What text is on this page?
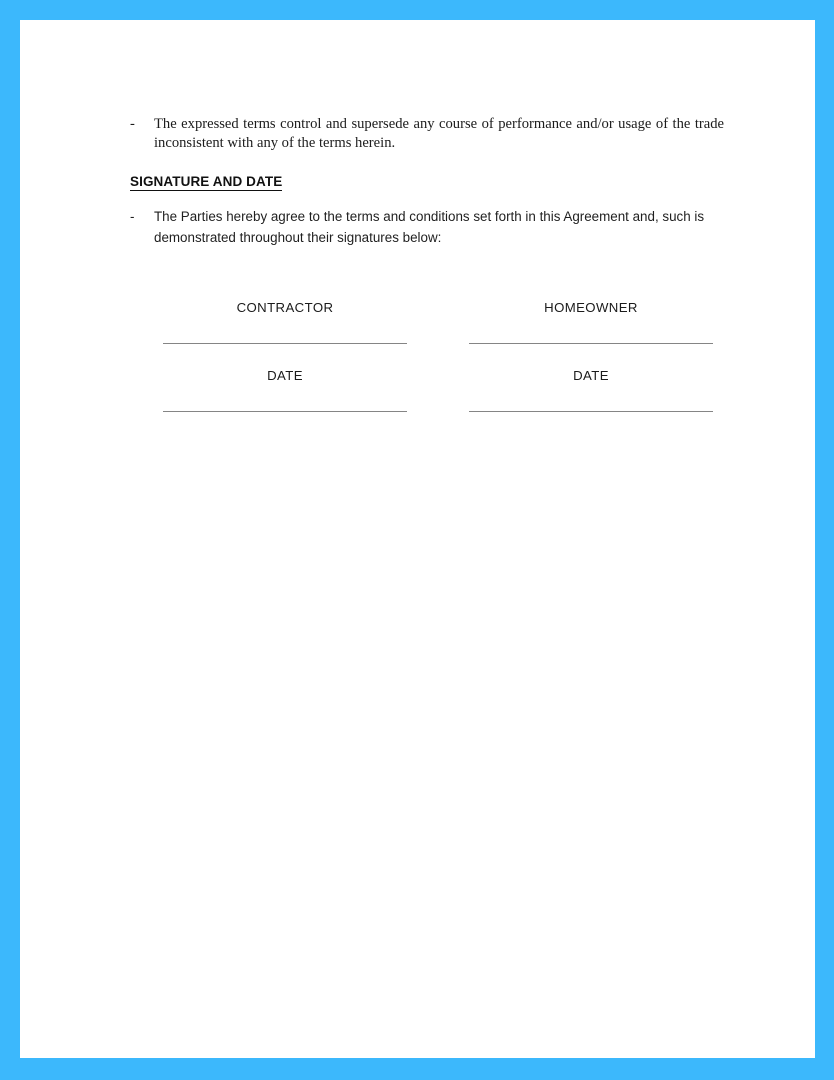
- The expressed terms control and supersede any course of performance and/or usage of the trade inconsistent with any of the terms herein.

SIGNATURE AND DATE

- The Parties hereby agree to the terms and conditions set forth in this Agreement and, such is demonstrated throughout their signatures below:

CONTRACTOR	HOMEOWNER
DATE	DATE
